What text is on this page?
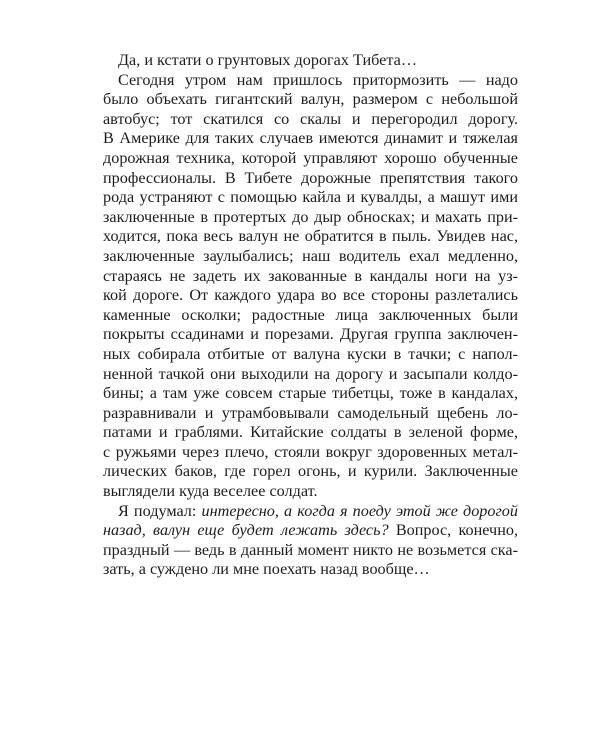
Да, и кстати о грунтовых дорогах Тибета…
Сегодня утром нам пришлось притормозить — надо
было объехать гигантский валун, размером с небольшой
автобус; тот скатился со скалы и перегородил дорогу.
В Америке для таких случаев имеются динамит и тяжелая
дорожная техника, которой управляют хорошо обученные
профессионалы. В Тибете дорожные препятствия такого
рода устраняют с помощью кайла и кувалды, а машут ими
заключенные в протертых до дыр обносках; и махать при-
ходится, пока весь валун не обратится в пыль. Увидев нас,
заключенные заулыбались; наш водитель ехал медленно,
стараясь не задеть их закованные в кандалы ноги на уз-
кой дороге. От каждого удара во все стороны разлетались
каменные осколки; радостные лица заключенных были
покрыты ссадинами и порезами. Другая группа заключен-
ных собирала отбитые от валуна куски в тачки; с напол-
ненной тачкой они выходили на дорогу и засыпали колдо-
бины; а там уже совсем старые тибетцы, тоже в кандалах,
разравнивали и утрамбовывали самодельный щебень ло-
патами и граблями. Китайские солдаты в зеленой форме,
с ружьями через плечо, стояли вокруг здоровенных метал-
лических баков, где горел огонь, и курили. Заключенные
выглядели куда веселее солдат.
Я подумал: интересно, а когда я поеду этой же дорогой
назад, валун еще будет лежать здесь? Вопрос, конечно,
праздный — ведь в данный момент никто не возьмется ска-
зать, а суждено ли мне поехать назад вообще…
